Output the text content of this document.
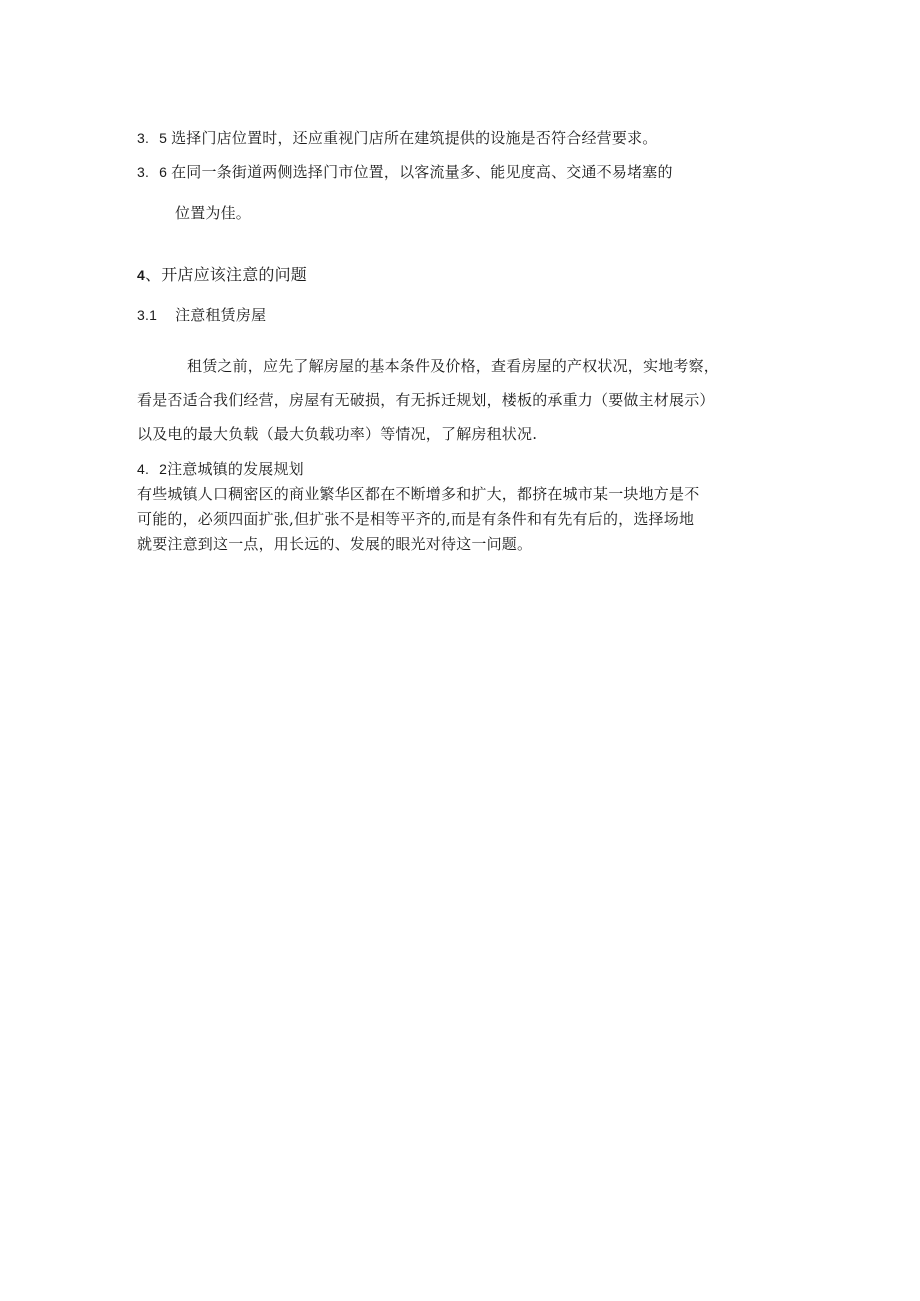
3. 5 选择门店位置时，还应重视门店所在建筑提供的设施是否符合经营要求。
3. 6 在同一条街道两侧选择门市位置，以客流量多、能见度高、交通不易堵塞的
位置为佳。
4、开店应该注意的问题
3.1 注意租赁房屋
租赁之前，应先了解房屋的基本条件及价格，查看房屋的产权状况，实地考察，
看是否适合我们经营，房屋有无破损，有无拆迁规划，楼板的承重力（要做主材展示）
以及电的最大负载（最大负载功率）等情况，了解房租状况.
4. 2注意城镇的发展规划
有些城镇人口稠密区的商业繁华区都在不断增多和扩大，都挤在城市某一块地方是不
可能的，必须四面扩张,但扩张不是相等平齐的,而是有条件和有先有后的，选择场地
就要注意到这一点，用长远的、发展的眼光对待这一问题。
